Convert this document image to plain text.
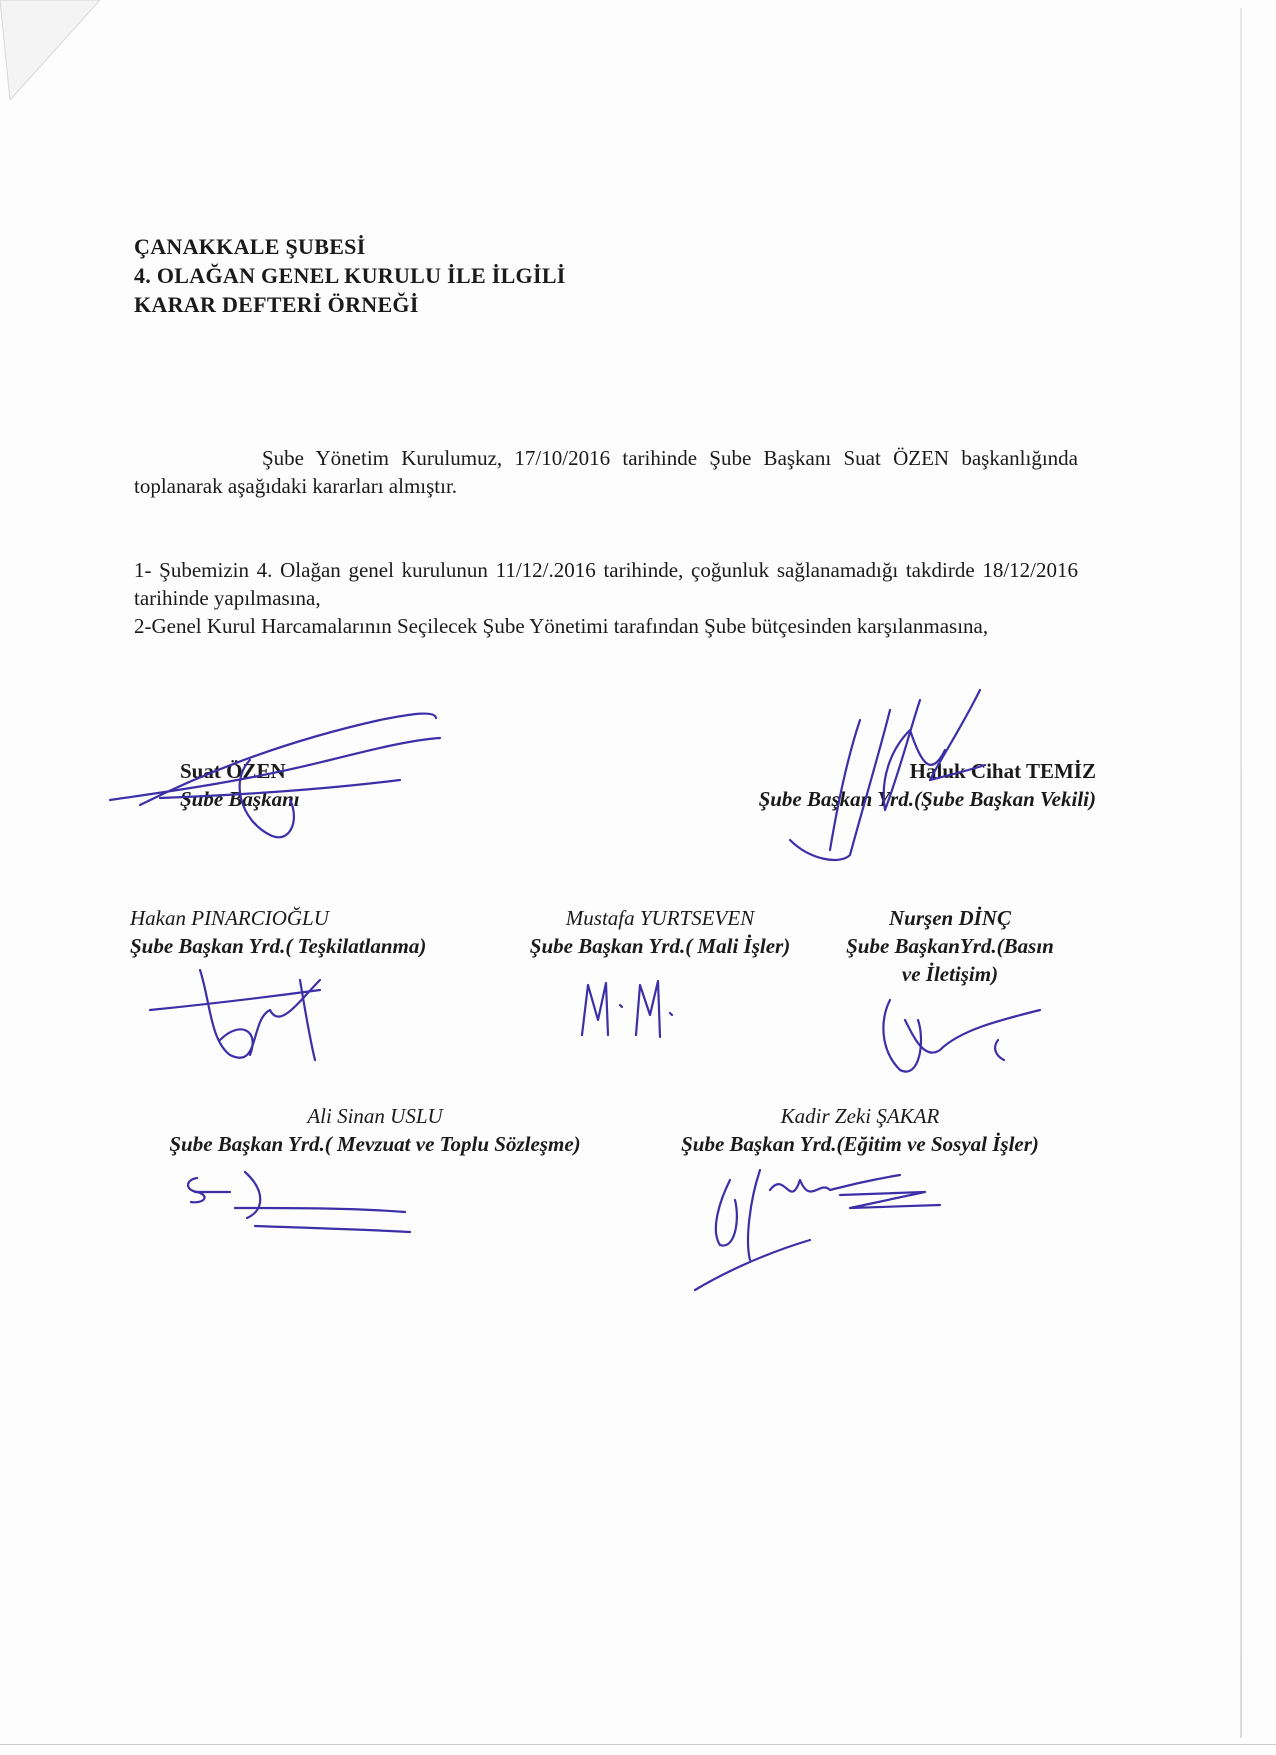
ÇANAKKALE ŞUBESİ
4. OLAĞAN GENEL KURULU İLE İLGİLİ
KARAR DEFTERİ ÖRNEĞİ
Şube Yönetim Kurulumuz, 17/10/2016 tarihinde Şube Başkanı Suat ÖZEN başkanlığında toplanarak aşağıdaki kararları almıştır.

1- Şubemizin 4. Olağan genel kurulunun 11/12/.2016 tarihinde, çoğunluk sağlanamadığı takdirde 18/12/2016 tarihinde yapılmasına,

2-Genel Kurul Harcamalarının Seçilecek Şube Yönetimi tarafından Şube bütçesinden karşılanmasına,

Suat ÖZEN
Şube Başkanı
Haluk Cihat TEMİZ
Şube Başkan Yrd.(Şube Başkan Vekili)
Hakan PINARCIOĞLU
Şube Başkan Yrd.( Teşkilatlanma)
Mustafa YURTSEVEN
Şube Başkan Yrd.( Mali İşler)
Nurşen DİNÇ
Şube BaşkanYrd.(Basın
ve İletişim)
Ali Sinan USLU
Şube Başkan Yrd.( Mevzuat ve Toplu Sözleşme)
Kadir Zeki ŞAKAR
Şube Başkan Yrd.(Eğitim ve Sosyal İşler)
